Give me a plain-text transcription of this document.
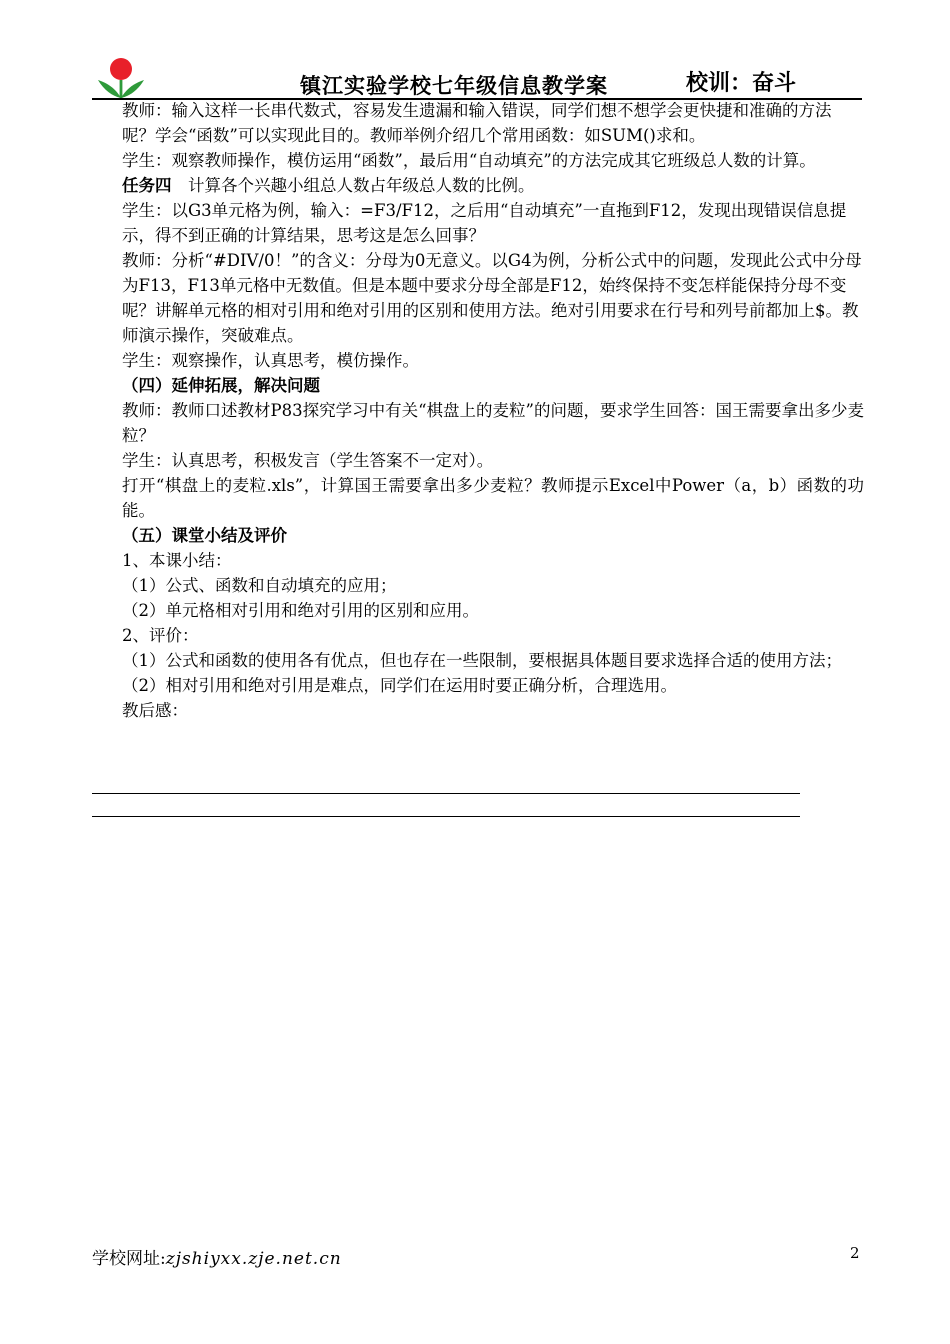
镇江实验学校七年级信息教学案	校训：奋斗

教师：输入这样一长串代数式，容易发生遗漏和输入错误，同学们想不想学会更快捷和准确的方法呢？学会“函数”可以实现此目的。教师举例介绍几个常用函数：如SUM()求和。

学生：观察教师操作，模仿运用“函数”，最后用“自动填充”的方法完成其它班级总人数的计算。

任务四　计算各个兴趣小组总人数占年级总人数的比例。

学生：以G3单元格为例，输入：=F3/F12，之后用“自动填充”一直拖到F12，发现出现错误信息提示，得不到正确的计算结果，思考这是怎么回事？

教师：分析“#DIV/0！”的含义：分母为0无意义。以G4为例，分析公式中的问题，发现此公式中分母为F13，F13单元格中无数值。但是本题中要求分母全部是F12，始终保持不变怎样能保持分母不变呢？讲解单元格的相对引用和绝对引用的区别和使用方法。绝对引用要求在行号和列号前都加上$。教师演示操作，突破难点。

学生：观察操作，认真思考，模仿操作。

（四）延伸拓展，解决问题

教师：教师口述教材P83探究学习中有关“棋盘上的麦粒”的问题，要求学生回答：国王需要拿出多少麦粒？

学生：认真思考，积极发言（学生答案不一定对）。

打开“棋盘上的麦粒.xls”，计算国王需要拿出多少麦粒？教师提示Excel中Power（a，b）函数的功能。

（五）课堂小结及评价

1、本课小结：

（1）公式、函数和自动填充的应用；

（2）单元格相对引用和绝对引用的区别和应用。

2、评价：

（1）公式和函数的使用各有优点，但也存在一些限制，要根据具体题目要求选择合适的使用方法；

（2）相对引用和绝对引用是难点，同学们在运用时要正确分析，合理选用。

教后感：

学校网址:zjshiyxx.zje.net.cn	2
